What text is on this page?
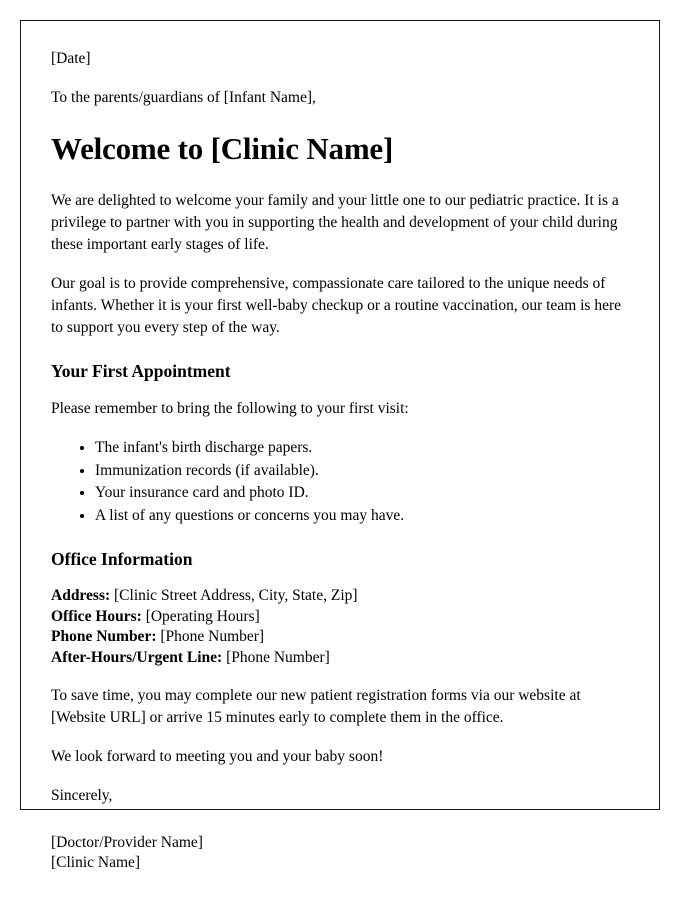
[Date]
To the parents/guardians of [Infant Name],
Welcome to [Clinic Name]

We are delighted to welcome your family and your little one to our pediatric practice. It is a privilege to partner with you in supporting the health and development of your child during these important early stages of life.

Our goal is to provide comprehensive, compassionate care tailored to the unique needs of infants. Whether it is your first well-baby checkup or a routine vaccination, our team is here to support you every step of the way.

Your First Appointment

Please remember to bring the following to your first visit:

• The infant's birth discharge papers.
• Immunization records (if available).
• Your insurance card and photo ID.
• A list of any questions or concerns you may have.
Office Information
Address: [Clinic Street Address, City, State, Zip]
Office Hours: [Operating Hours]
Phone Number: [Phone Number]
After-Hours/Urgent Line: [Phone Number]

To save time, you may complete our new patient registration forms via our website at [Website URL] or arrive 15 minutes early to complete them in the office.

We look forward to meeting you and your baby soon!

Sincerely,

[Doctor/Provider Name]
[Clinic Name]
